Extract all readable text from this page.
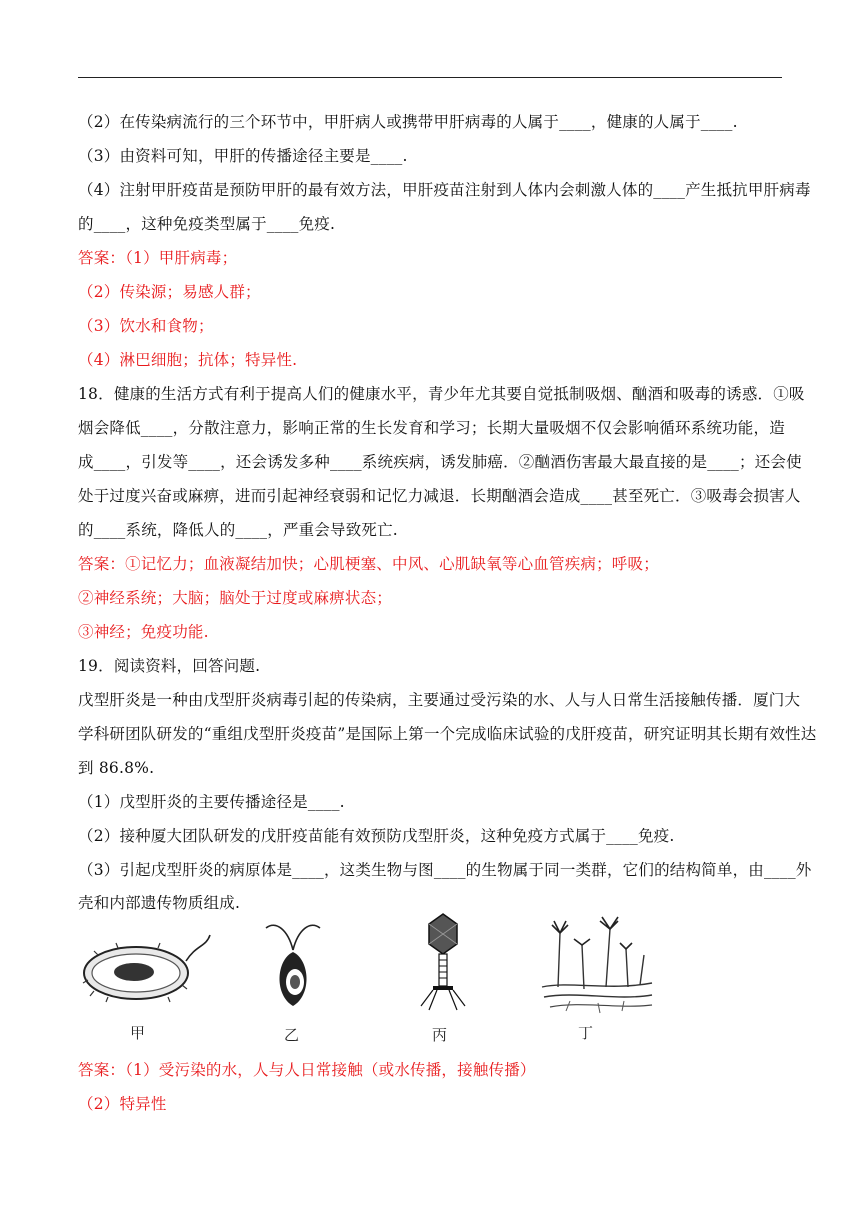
（2）在传染病流行的三个环节中，甲肝病人或携带甲肝病毒的人属于____，健康的人属于____.
（3）由资料可知，甲肝的传播途径主要是____.
（4）注射甲肝疫苗是预防甲肝的最有效方法，甲肝疫苗注射到人体内会刺激人体的____产生抵抗甲肝病毒
的____，这种免疫类型属于____免疫.
答案：（1）甲肝病毒；
（2）传染源；易感人群；
（3）饮水和食物；
（4）淋巴细胞；抗体；特异性.
18．健康的生活方式有利于提高人们的健康水平，青少年尤其要自觉抵制吸烟、酗酒和吸毒的诱惑．①吸
烟会降低____，分散注意力，影响正常的生长发育和学习；长期大量吸烟不仅会影响循环系统功能，造
成____，引发等____，还会诱发多种____系统疾病，诱发肺癌．②酗酒伤害最大最直接的是____；还会使
处于过度兴奋或麻痹，进而引起神经衰弱和记忆力减退．长期酗酒会造成____甚至死亡．③吸毒会损害人
的____系统，降低人的____，严重会导致死亡.
答案：①记忆力；血液凝结加快；心肌梗塞、中风、心肌缺氧等心血管疾病；呼吸；
②神经系统；大脑；脑处于过度或麻痹状态；
③神经；免疫功能.
19．阅读资料，回答问题.
戊型肝炎是一种由戊型肝炎病毒引起的传染病，主要通过受污染的水、人与人日常生活接触传播．厦门大
学科研团队研发的“重组戊型肝炎疫苗”是国际上第一个完成临床试验的戊肝疫苗，研究证明其长期有效性达
到 86.8%.
（1）戊型肝炎的主要传播途径是____.
（2）接种厦大团队研发的戊肝疫苗能有效预防戊型肝炎，这种免疫方式属于____免疫.
（3）引起戊型肝炎的病原体是____，这类生物与图____的生物属于同一类群，它们的结构简单，由____外
壳和内部遗传物质组成.
答案：（1）受污染的水，人与人日常接触（或水传播，接触传播）
（2）特异性
甲	乙	丙	丁
